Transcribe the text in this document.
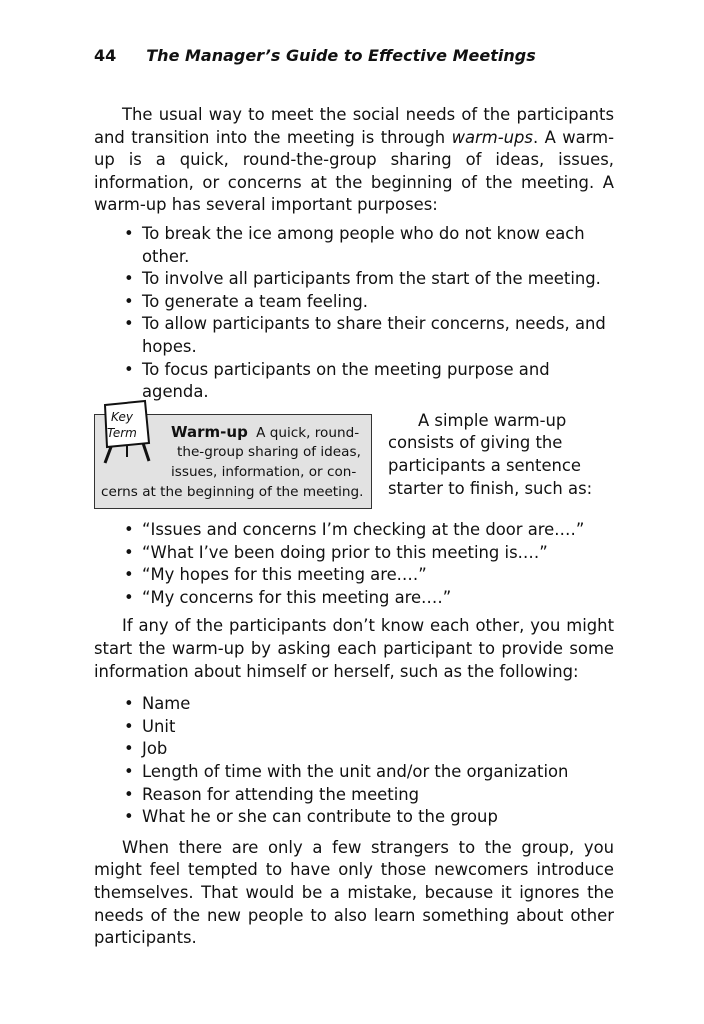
44 The Manager’s Guide to Effective Meetings

The usual way to meet the social needs of the participants and transition into the meeting is through warm-ups. A warm-up is a quick, round-the-group sharing of ideas, issues, information, or concerns at the beginning of the meeting. A warm-up has several important purposes:

• To break the ice among people who do not know each other.
• To involve all participants from the start of the meeting.
• To generate a team feeling.
• To allow participants to share their concerns, needs, and hopes.
• To focus participants on the meeting purpose and agenda.
Key
Term	Warm-up A quick, round-
the-group sharing of ideas,
issues, information, or con-
cerns at the beginning of the meeting.
A simple warm-up consists of giving the participants a sentence starter to finish, such as:
• “Issues and concerns I’m checking at the door are.…”
• “What I’ve been doing prior to this meeting is.…”
• “My hopes for this meeting are.…”
• “My concerns for this meeting are.…”

If any of the participants don’t know each other, you might start the warm-up by asking each participant to provide some information about himself or herself, such as the following:

• Name
• Unit
• Job
• Length of time with the unit and/or the organization
• Reason for attending the meeting
• What he or she can contribute to the group

When there are only a few strangers to the group, you might feel tempted to have only those newcomers introduce themselves. That would be a mistake, because it ignores the needs of the new people to also learn something about other participants.
